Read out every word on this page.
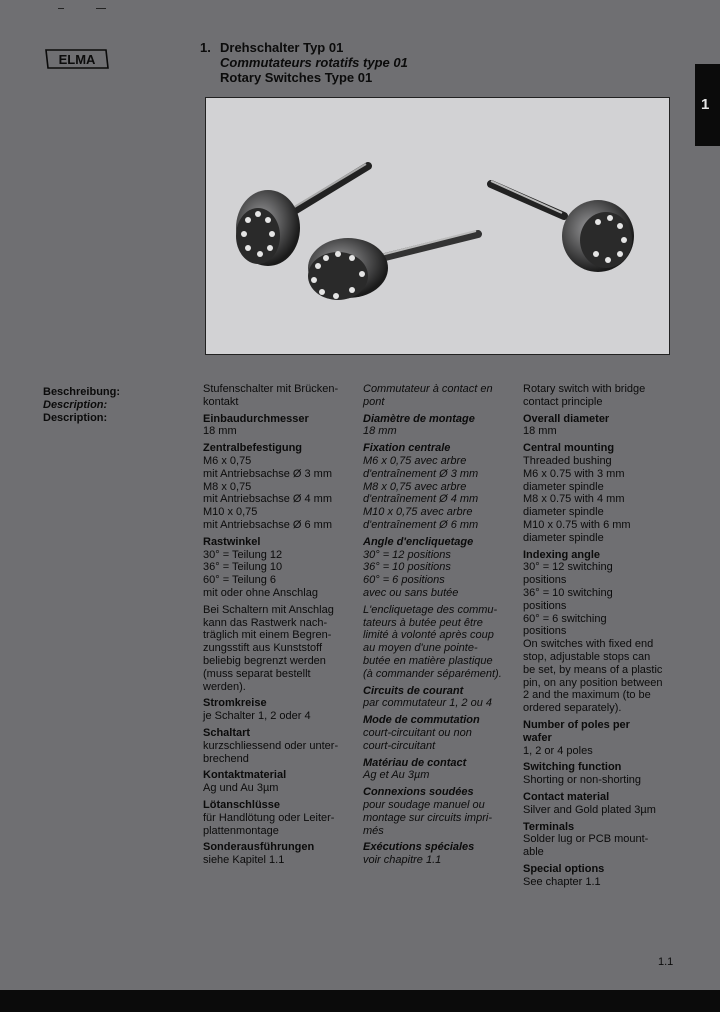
ELMA
1. Drehschalter Typ 01
Commutateurs rotatifs type 01
Rotary Switches Type 01
1
Beschreibung:
Description:
Description:

Stufenschalter mit Brücken-

kontakt

Einbaudurchmesser

18 mm

Zentralbefestigung

M6 x 0,75

mit Antriebsachse Ø 3 mm

M8 x 0,75

mit Antriebsachse Ø 4 mm

M10 x 0,75

mit Antriebsachse Ø 6 mm

Rastwinkel

30° = Teilung 12

36° = Teilung 10

60° = Teilung 6

mit oder ohne Anschlag

Bei Schaltern mit Anschlag

kann das Rastwerk nach-

träglich mit einem Begren-

zungsstift aus Kunststoff

beliebig begrenzt werden

(muss separat bestellt

werden).

Stromkreise

je Schalter 1, 2 oder 4

Schaltart

kurzschliessend oder unter-

brechend

Kontaktmaterial

Ag und Au 3µm

Lötanschlüsse

für Handlötung oder Leiter-

plattenmontage

Sonderausführungen

siehe Kapitel 1.1

Commutateur à contact en

pont

Diamètre de montage

18 mm

Fixation centrale

M6 x 0,75 avec arbre

d'entraînement Ø 3 mm

M8 x 0,75 avec arbre

d'entraînement Ø 4 mm

M10 x 0,75 avec arbre

d'entraînement Ø 6 mm

Angle d'encliquetage

30° = 12 positions

36° = 10 positions

60° = 6 positions

avec ou sans butée

L'encliquetage des commu-

tateurs à butée peut être

limité à volonté après coup

au moyen d'une pointe-

butée en matière plastique

(à commander séparément).

Circuits de courant

par commutateur 1, 2 ou 4

Mode de commutation

court-circuitant ou non

court-circuitant

Matériau de contact

Ag et Au 3µm

Connexions soudées

pour soudage manuel ou

montage sur circuits impri-

més

Exécutions spéciales

voir chapitre 1.1

Rotary switch with bridge

contact principle

Overall diameter

18 mm

Central mounting

Threaded bushing

M6 x 0.75 with 3 mm

diameter spindle

M8 x 0.75 with 4 mm

diameter spindle

M10 x 0.75 with 6 mm

diameter spindle

Indexing angle

30° = 12 switching

positions

36° = 10 switching

positions

60° = 6 switching

positions

On switches with fixed end

stop, adjustable stops can

be set, by means of a plastic

pin, on any position between

2 and the maximum (to be

ordered separately).

Number of poles per

wafer

1, 2 or 4 poles

Switching function

Shorting or non-shorting

Contact material

Silver and Gold plated 3µm

Terminals

Solder lug or PCB mount-

able

Special options

See chapter 1.1

1.1
